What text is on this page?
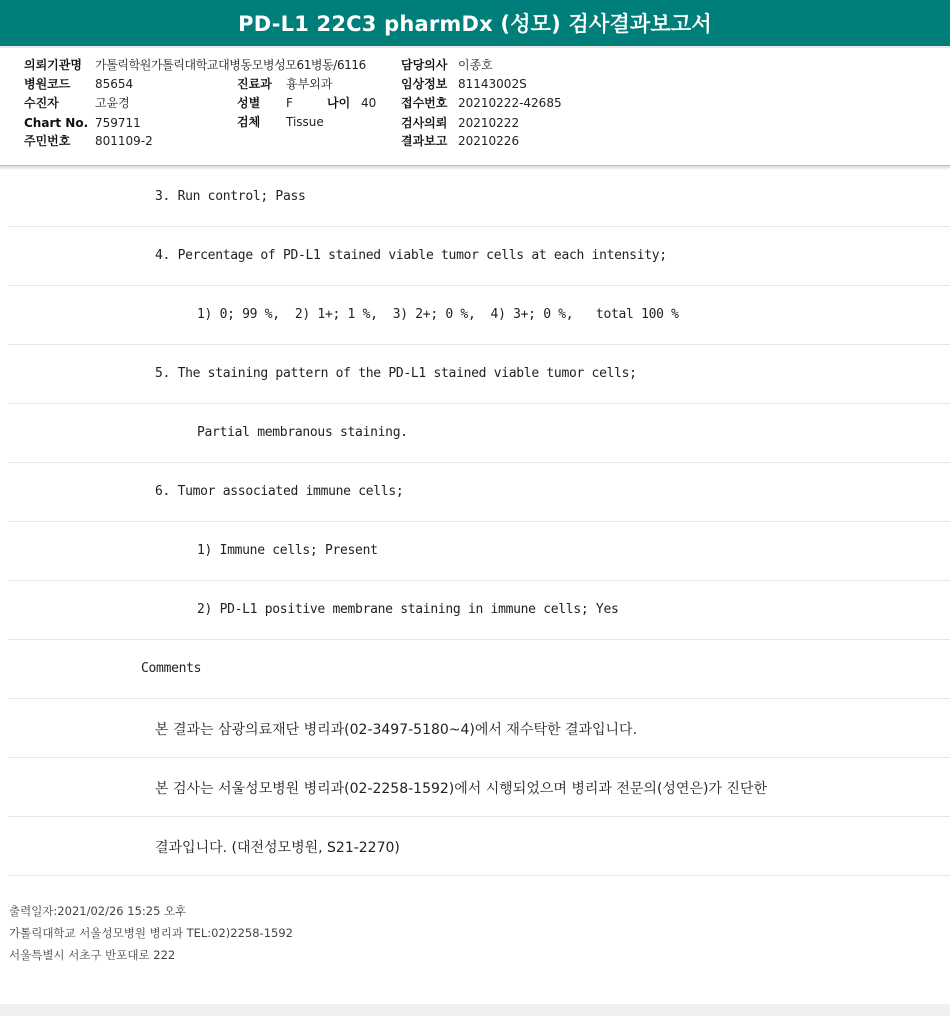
PD-L1 22C3 pharmDx (성모) 검사결과보고서
의뢰기관명 가톨릭학원가톨릭대학교대병동모병성모61병동/6116
병원코드 85654
수진자	고윤경
Chart No. 759711
주민번호 801109-2
진료과 흉부외과
성별 F	나이 40
검체 Tissue
담당의사 이종호
임상정보 81143002S
접수번호 20210222-42685
검사의뢰 20210222
결과보고 20210226
3. Run control; Pass
4. Percentage of PD-L1 stained viable tumor cells at each intensity;
1) 0; 99 %,  2) 1+; 1 %,  3) 2+; 0 %,  4) 3+; 0 %,   total 100 %
5. The staining pattern of the PD-L1 stained viable tumor cells;
Partial membranous staining.
6. Tumor associated immune cells;
1) Immune cells; Present
2) PD-L1 positive membrane staining in immune cells; Yes
Comments
본 결과는 삼광의료재단 병리과(02-3497-5180~4)에서 재수탁한 결과입니다.
본 검사는 서울성모병원 병리과(02-2258-1592)에서 시행되었으며 병리과 전문의(성연은)가 진단한
결과입니다. (대전성모병원, S21-2270)
출력일자:2021/02/26 15:25 오후
가톨릭대학교 서울성모병원 병리과 TEL:02)2258-1592
서울특별시 서초구 반포대로 222
